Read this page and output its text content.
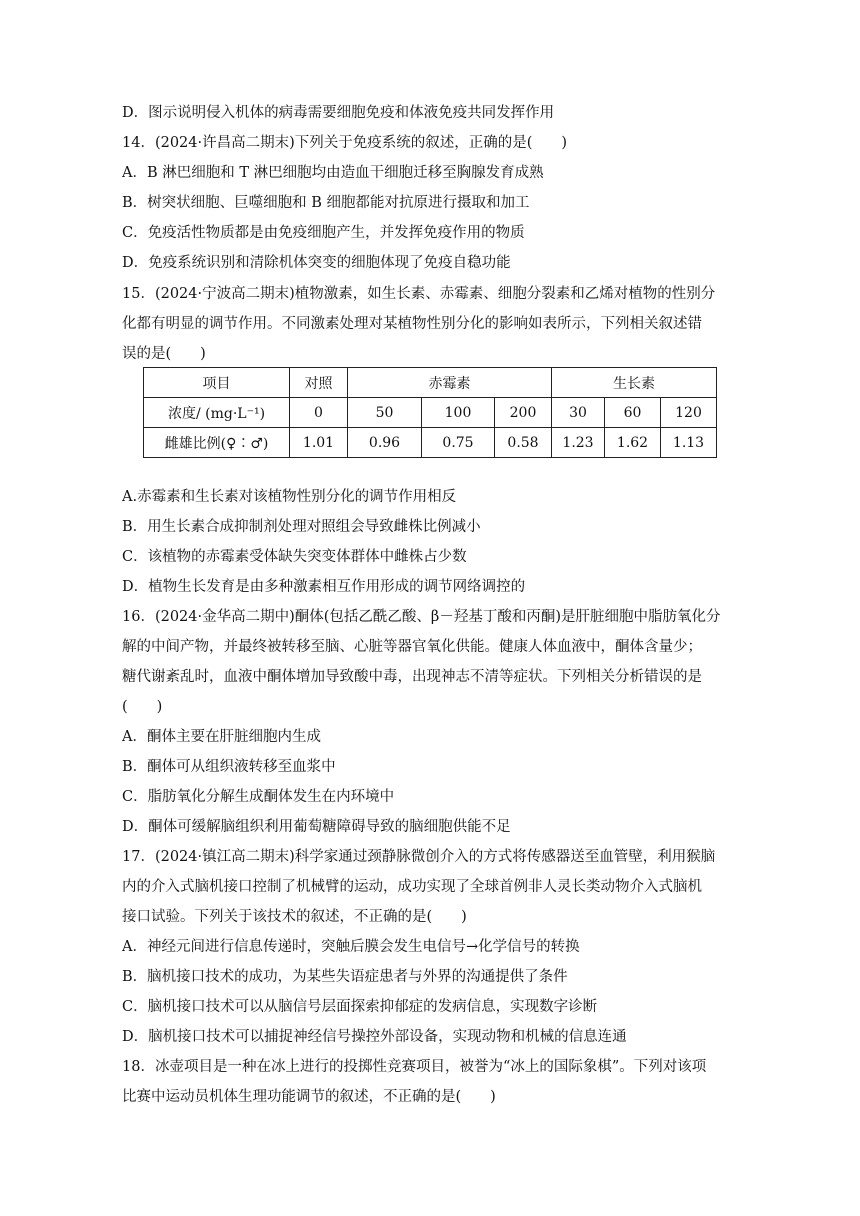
D．图示说明侵入机体的病毒需要细胞免疫和体液免疫共同发挥作用
14．(2024·许昌高二期末)下列关于免疫系统的叙述，正确的是(　　)
A．B 淋巴细胞和 T 淋巴细胞均由造血干细胞迁移至胸腺发育成熟
B．树突状细胞、巨噬细胞和 B 细胞都能对抗原进行摄取和加工
C．免疫活性物质都是由免疫细胞产生，并发挥免疫作用的物质
D．免疫系统识别和清除机体突变的细胞体现了免疫自稳功能
15．(2024·宁波高二期末)植物激素，如生长素、赤霉素、细胞分裂素和乙烯对植物的性别分
化都有明显的调节作用。不同激素处理对某植物性别分化的影响如表所示，下列相关叙述错
误的是(　　)
项目	对照	赤霉素			生长素		
浓度/ (mg·L⁻¹)	0	50	100	200	30	60	120
雌雄比例(♀∶♂)	1.01	0.96	0.75	0.58	1.23	1.62	1.13
A.赤霉素和生长素对该植物性别分化的调节作用相反
B．用生长素合成抑制剂处理对照组会导致雌株比例减小
C．该植物的赤霉素受体缺失突变体群体中雌株占少数
D．植物生长发育是由多种激素相互作用形成的调节网络调控的
16．(2024·金华高二期中)酮体(包括乙酰乙酸、β－羟基丁酸和丙酮)是肝脏细胞中脂肪氧化分
解的中间产物，并最终被转移至脑、心脏等器官氧化供能。健康人体血液中，酮体含量少；
糖代谢紊乱时，血液中酮体增加导致酸中毒，出现神志不清等症状。下列相关分析错误的是
(　　)
A．酮体主要在肝脏细胞内生成
B．酮体可从组织液转移至血浆中
C．脂肪氧化分解生成酮体发生在内环境中
D．酮体可缓解脑组织利用葡萄糖障碍导致的脑细胞供能不足
17．(2024·镇江高二期末)科学家通过颈静脉微创介入的方式将传感器送至血管壁，利用猴脑
内的介入式脑机接口控制了机械臂的运动，成功实现了全球首例非人灵长类动物介入式脑机
接口试验。下列关于该技术的叙述，不正确的是(　　)
A．神经元间进行信息传递时，突触后膜会发生电信号→化学信号的转换
B．脑机接口技术的成功，为某些失语症患者与外界的沟通提供了条件
C．脑机接口技术可以从脑信号层面探索抑郁症的发病信息，实现数字诊断
D．脑机接口技术可以捕捉神经信号操控外部设备，实现动物和机械的信息连通
18．冰壶项目是一种在冰上进行的投掷性竞赛项目，被誉为“冰上的国际象棋”。下列对该项
比赛中运动员机体生理功能调节的叙述，不正确的是(　　)
